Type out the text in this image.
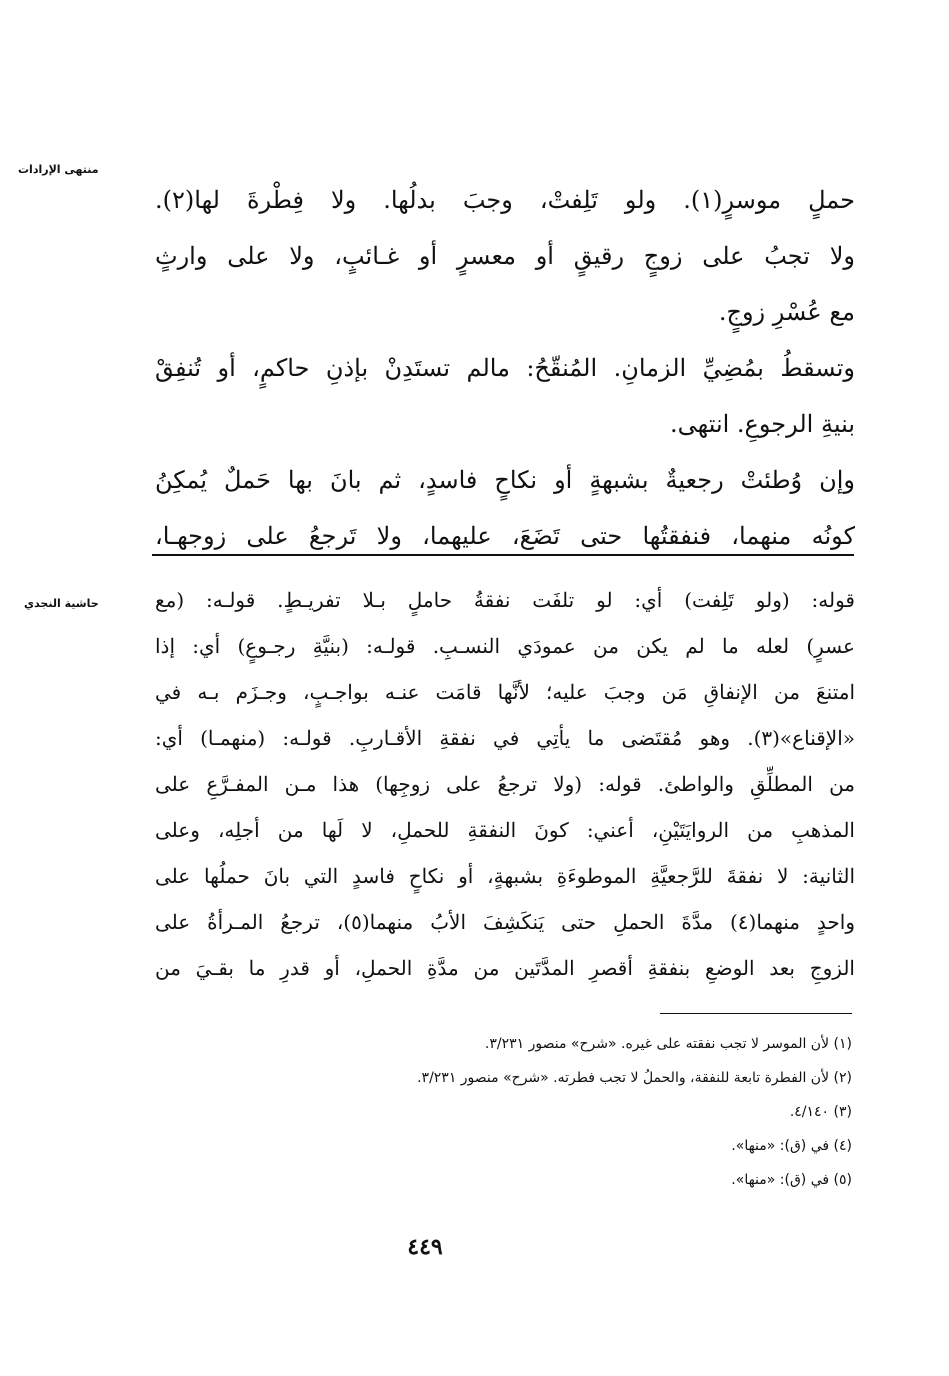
منتهى الإرادات
حاشية النجدي
حملٍ موسرٍ(١). ولو تَلِفتْ، وجبَ بدلُها. ولا فِطْرةَ لها(٢).
ولا تجبُ على زوجٍ رقيقٍ أو معسرٍ أو غـائبٍ، ولا على وارثٍ
مع عُسْرِ زوجٍ.
وتسقطُ بمُضِيِّ الزمانِ. المُنقّحُ: مالم تستَدِنْ بإذنِ حاكمٍ، أو تُنفِقْ
بنيةِ الرجوعِ. انتهى.
وإن وُطئتْ رجعيةٌ بشبهةٍ أو نكاحٍ فاسدٍ، ثم بانَ بها حَملٌ يُمكِنُ
كونُه منهما، فنفقتُها حتى تَضَعَ، عليهما، ولا تَرجعُ على زوجهـا،
قوله: (ولو تَلِفت) أي: لو تلفَت نفقةُ حاملٍ بـلا تفريـطٍ. قولـه: (مع
عسرٍ) لعله ما لم يكن من عمودَي النسـبِ. قولـه: (بنيَّةِ رجـوعٍ) أي: إذا
امتنعَ من الإنفاقِ مَن وجبَ عليه؛ لأنَّها قامَت عنـه بواجـبٍ، وجـزَم بـه في
«الإقناع»(٣). وهو مُقتَضى ما يأتِي في نفقةِ الأقـاربِ. قولـه: (منهمـا) أي:
من المطلِّقِ والواطئ. قوله: (ولا ترجعُ على زوجِها) هذا مـن المفـرَّعِ على
المذهبِ من الروايَتَيْنِ، أعني: كونَ النفقةِ للحملِ، لا لَها من أجلِه، وعلى
الثانية: لا نفقةَ للرَّجعيَّةِ الموطوءَةِ بشبهةٍ، أو نكاحٍ فاسدٍ التي بانَ حملُها على
واحدٍ منهما(٤) مدَّةَ الحملِ حتى يَنكَشِفَ الأبُ منهما(٥)، ترجعُ المـرأةُ على
الزوجِ بعد الوضعِ بنفقةِ أقصرِ المدَّتَين من مدَّةِ الحملِ، أو قدرِ ما بقـيَ من
(١) لأن الموسر لا تجب نفقته على غيره. «شرح» منصور ٣/٢٣١.
(٢) لأن الفطرة تابعة للنفقة، والحملُ لا تجب فطرته. «شرح» منصور ٣/٢٣١.
(٣) ٤/١٤٠.
(٤) في (ق): «منها».
(٥) في (ق): «منها».
٤٤٩
